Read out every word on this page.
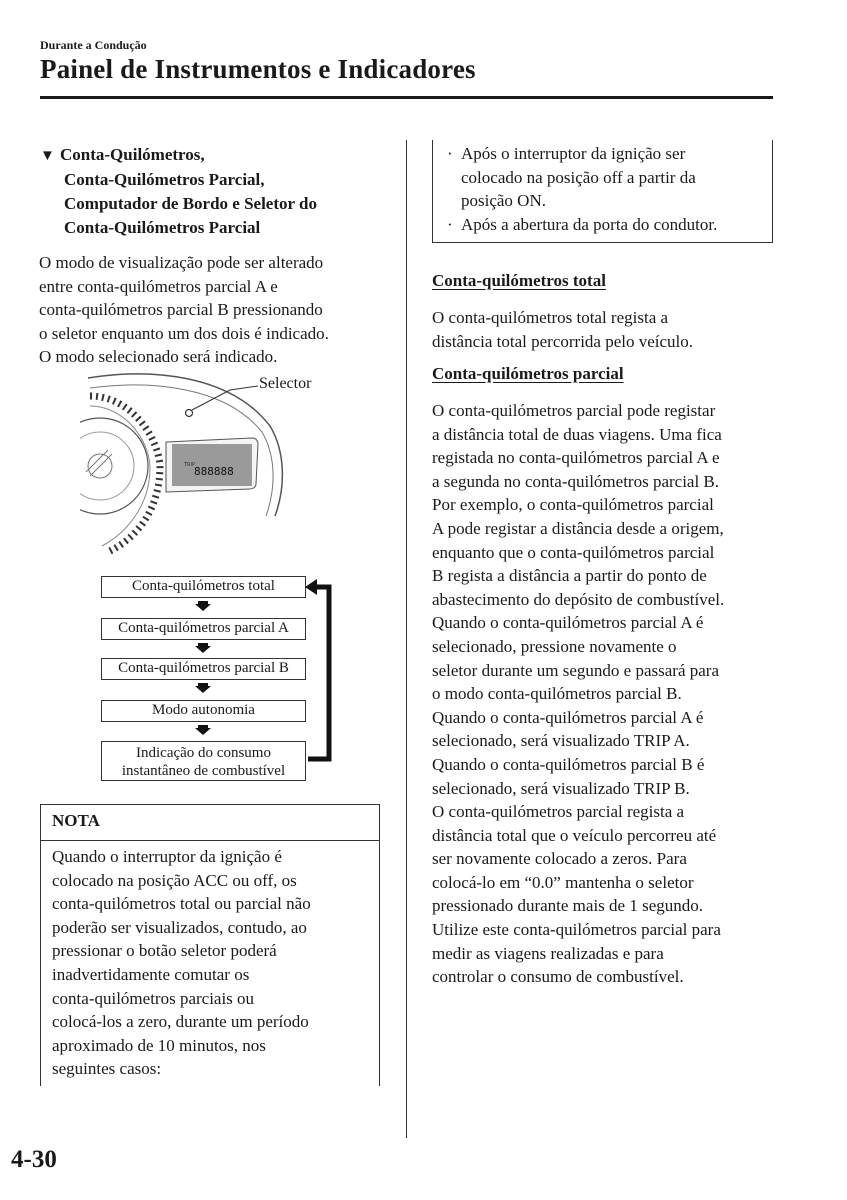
Durante a Condução
Painel de Instrumentos e Indicadores
▼ Conta-Quilómetros,
Conta-Quilómetros Parcial,
Computador de Bordo e Seletor do
Conta-Quilómetros Parcial
O modo de visualização pode ser alterado
entre conta-quilómetros parcial A e
conta-quilómetros parcial B pressionando
o seletor enquanto um dos dois é indicado.
O modo selecionado será indicado.
TRIP
888888
Selector
Conta-quilómetros total
Conta-quilómetros parcial A
Conta-quilómetros parcial B
Modo autonomia
Indicação do consumo
instantâneo de combustível
NOTA
Quando o interruptor da ignição é
colocado na posição ACC ou off, os
conta-quilómetros total ou parcial não
poderão ser visualizados, contudo, ao
pressionar o botão seletor poderá
inadvertidamente comutar os
conta-quilómetros parciais ou
colocá-los a zero, durante um período
aproximado de 10 minutos, nos
seguintes casos:
· Após o interruptor da ignição ser
colocado na posição off a partir da
posição ON.
· Após a abertura da porta do condutor.
Conta-quilómetros total
O conta-quilómetros total regista a
distância total percorrida pelo veículo.
Conta-quilómetros parcial
O conta-quilómetros parcial pode registar
a distância total de duas viagens. Uma fica
registada no conta-quilómetros parcial A e
a segunda no conta-quilómetros parcial B.
Por exemplo, o conta-quilómetros parcial
A pode registar a distância desde a origem,
enquanto que o conta-quilómetros parcial
B regista a distância a partir do ponto de
abastecimento do depósito de combustível.
Quando o conta-quilómetros parcial A é
selecionado, pressione novamente o
seletor durante um segundo e passará para
o modo conta-quilómetros parcial B.
Quando o conta-quilómetros parcial A é
selecionado, será visualizado TRIP A.
Quando o conta-quilómetros parcial B é
selecionado, será visualizado TRIP B.
O conta-quilómetros parcial regista a
distância total que o veículo percorreu até
ser novamente colocado a zeros. Para
colocá-lo em “0.0” mantenha o seletor
pressionado durante mais de 1 segundo.
Utilize este conta-quilómetros parcial para
medir as viagens realizadas e para
controlar o consumo de combustível.
4-30
